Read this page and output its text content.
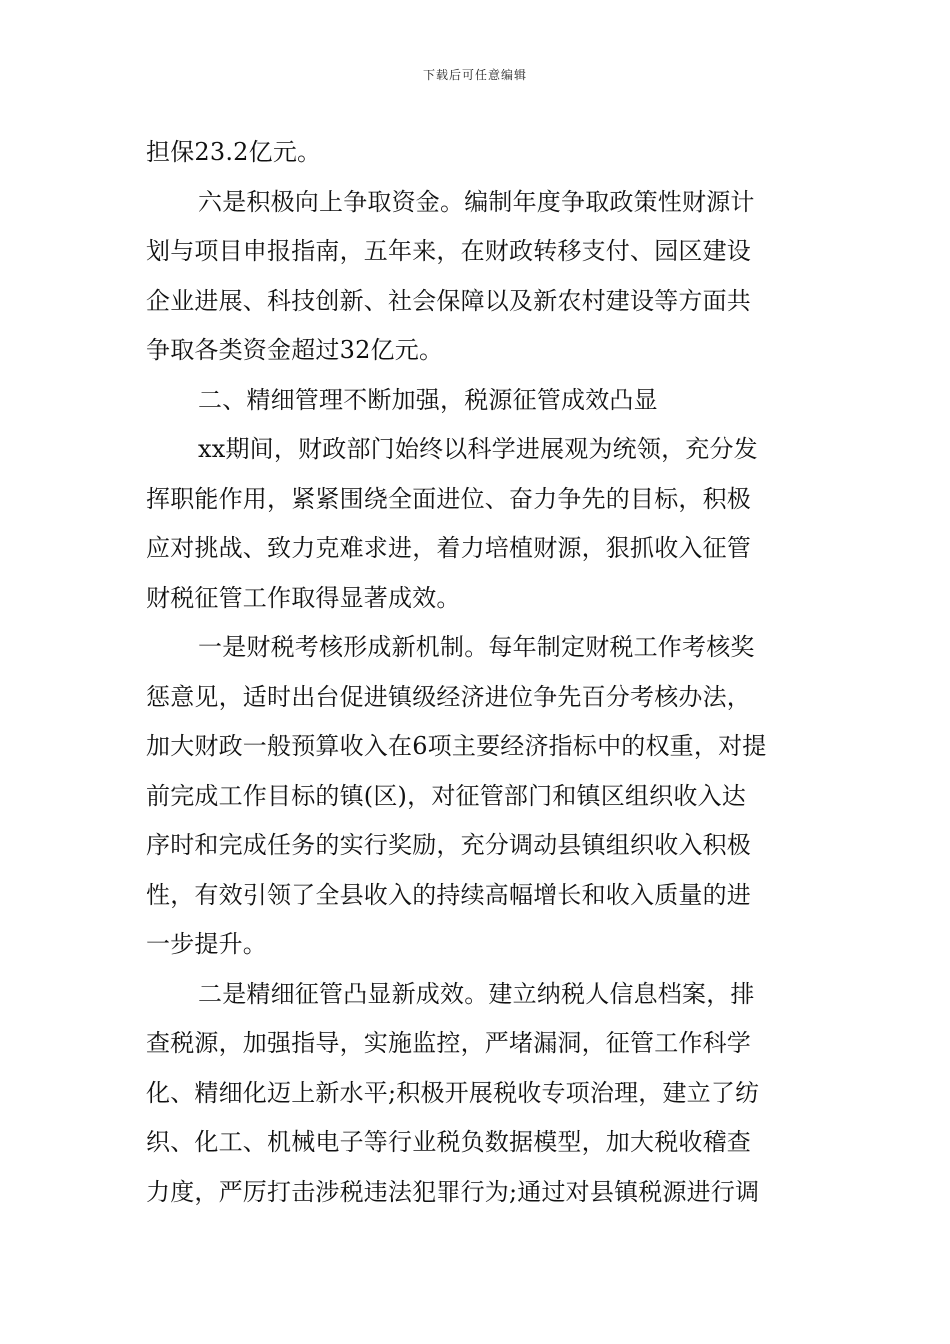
下载后可任意编辑
担保23.2亿元。
六是积极向上争取资金。编制年度争取政策性财源计
划与项目申报指南，五年来，在财政转移支付、园区建设
企业进展、科技创新、社会保障以及新农村建设等方面共
争取各类资金超过32亿元。
二、精细管理不断加强，税源征管成效凸显
xx期间，财政部门始终以科学进展观为统领，充分发
挥职能作用，紧紧围绕全面进位、奋力争先的目标，积极
应对挑战、致力克难求进，着力培植财源，狠抓收入征管
财税征管工作取得显著成效。
一是财税考核形成新机制。每年制定财税工作考核奖
惩意见，适时出台促进镇级经济进位争先百分考核办法，
加大财政一般预算收入在6项主要经济指标中的权重，对提
前完成工作目标的镇(区)，对征管部门和镇区组织收入达
序时和完成任务的实行奖励，充分调动县镇组织收入积极
性，有效引领了全县收入的持续高幅增长和收入质量的进
一步提升。
二是精细征管凸显新成效。建立纳税人信息档案，排
查税源，加强指导，实施监控，严堵漏洞，征管工作科学
化、精细化迈上新水平;积极开展税收专项治理，建立了纺
织、化工、机械电子等行业税负数据模型，加大税收稽查
力度，严厉打击涉税违法犯罪行为;通过对县镇税源进行调
